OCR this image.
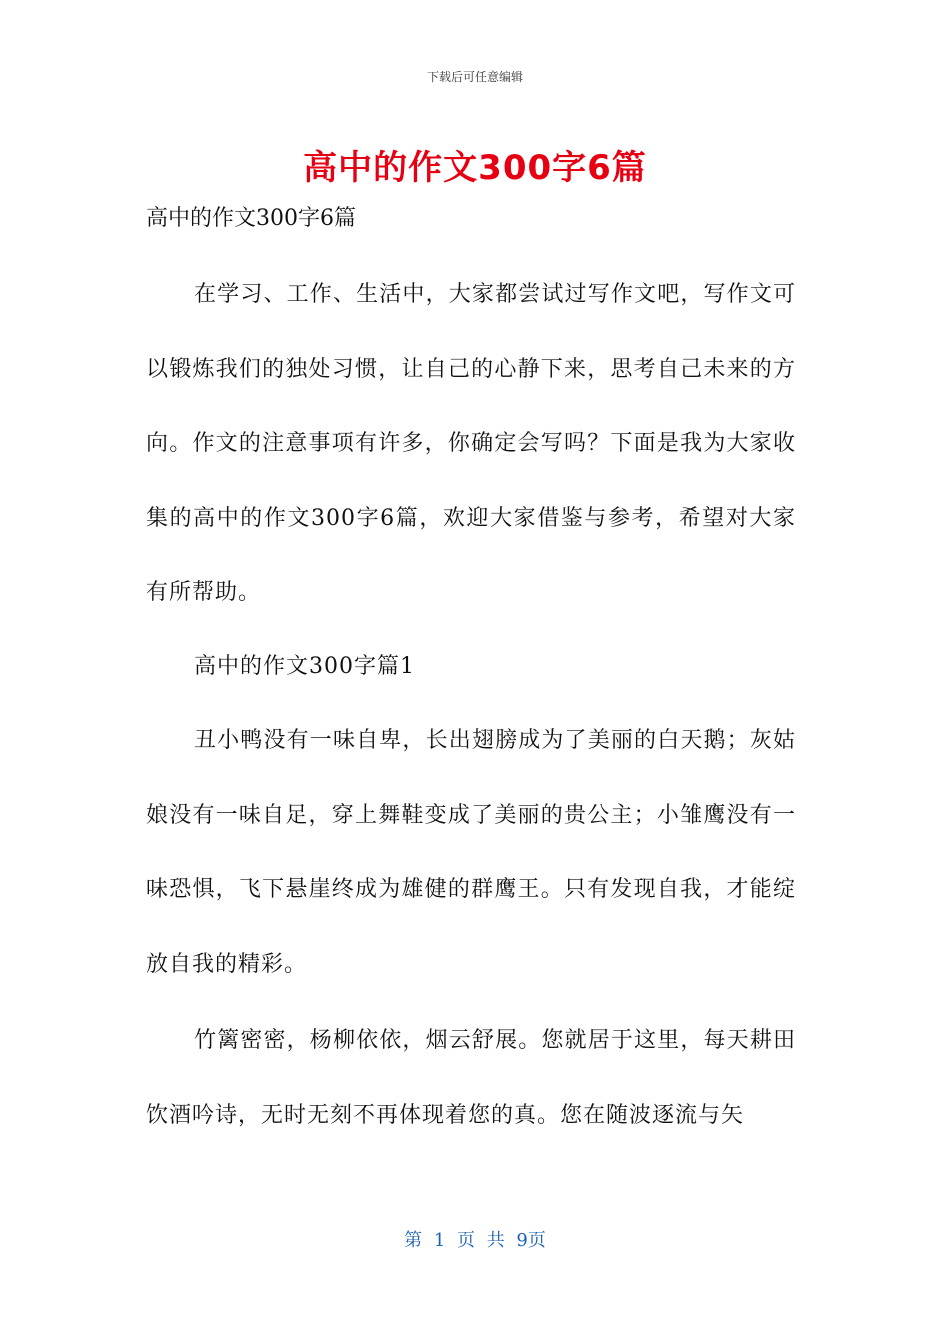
下载后可任意编辑
高中的作文300字6篇

高中的作文300字6篇

在学习、工作、生活中，大家都尝试过写作文吧，写作文可以锻炼我们的独处习惯，让自己的心静下来，思考自己未来的方向。作文的注意事项有许多，你确定会写吗？下面是我为大家收集的高中的作文300字6篇，欢迎大家借鉴与参考，希望对大家有所帮助。

高中的作文300字篇1

丑小鸭没有一味自卑，长出翅膀成为了美丽的白天鹅；灰姑娘没有一味自足，穿上舞鞋变成了美丽的贵公主；小雏鹰没有一味恐惧，飞下悬崖终成为雄健的群鹰王。只有发现自我，才能绽放自我的精彩。

竹篱密密，杨柳依依，烟云舒展。您就居于这里，每天耕田饮酒吟诗，无时无刻不再体现着您的真。您在随波逐流与矢

第 1 页 共 9页
